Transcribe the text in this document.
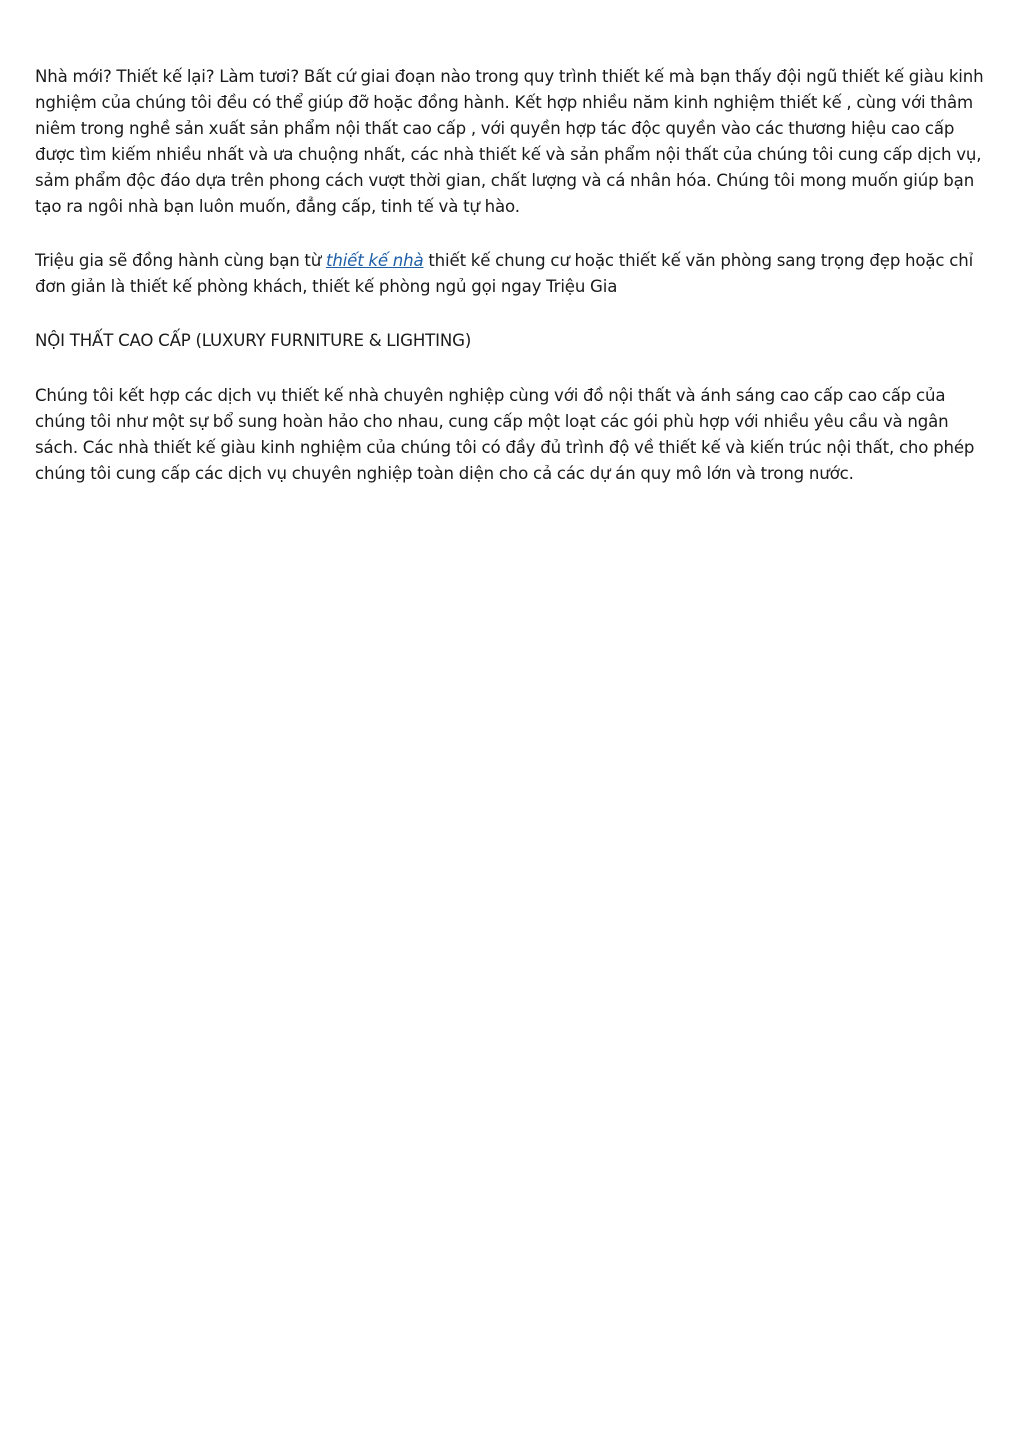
Nhà mới? Thiết kế lại? Làm tươi? Bất cứ giai đoạn nào trong quy trình thiết kế mà bạn thấy đội ngũ thiết kế giàu kinh nghiệm của chúng tôi đều có thể giúp đỡ hoặc đồng hành. Kết hợp nhiều năm kinh nghiệm thiết kế , cùng với thâm niêm trong nghề sản xuất sản phẩm nội thất cao cấp , với quyền hợp tác độc quyền vào các thương hiệu cao cấp được tìm kiếm nhiều nhất và ưa chuộng nhất, các nhà thiết kế và sản phẩm nội thất của chúng tôi cung cấp dịch vụ, sảm phẩm độc đáo dựa trên phong cách vượt thời gian, chất lượng và cá nhân hóa. Chúng tôi mong muốn giúp bạn tạo ra ngôi nhà bạn luôn muốn, đẳng cấp, tinh tế và tự hào.

Triệu gia sẽ đồng hành cùng bạn từ thiết kế nhà thiết kế chung cư hoặc thiết kế văn phòng sang trọng đẹp hoặc chỉ đơn giản là thiết kế phòng khách, thiết kế phòng ngủ gọi ngay Triệu Gia

NỘI THẤT CAO CẤP (LUXURY FURNITURE & LIGHTING)

Chúng tôi kết hợp các dịch vụ thiết kế nhà chuyên nghiệp cùng với đồ nội thất và ánh sáng cao cấp cao cấp của chúng tôi như một sự bổ sung hoàn hảo cho nhau, cung cấp một loạt các gói phù hợp với nhiều yêu cầu và ngân sách. Các nhà thiết kế giàu kinh nghiệm của chúng tôi có đầy đủ trình độ về thiết kế và kiến trúc nội thất, cho phép chúng tôi cung cấp các dịch vụ chuyên nghiệp toàn diện cho cả các dự án quy mô lớn và trong nước.
